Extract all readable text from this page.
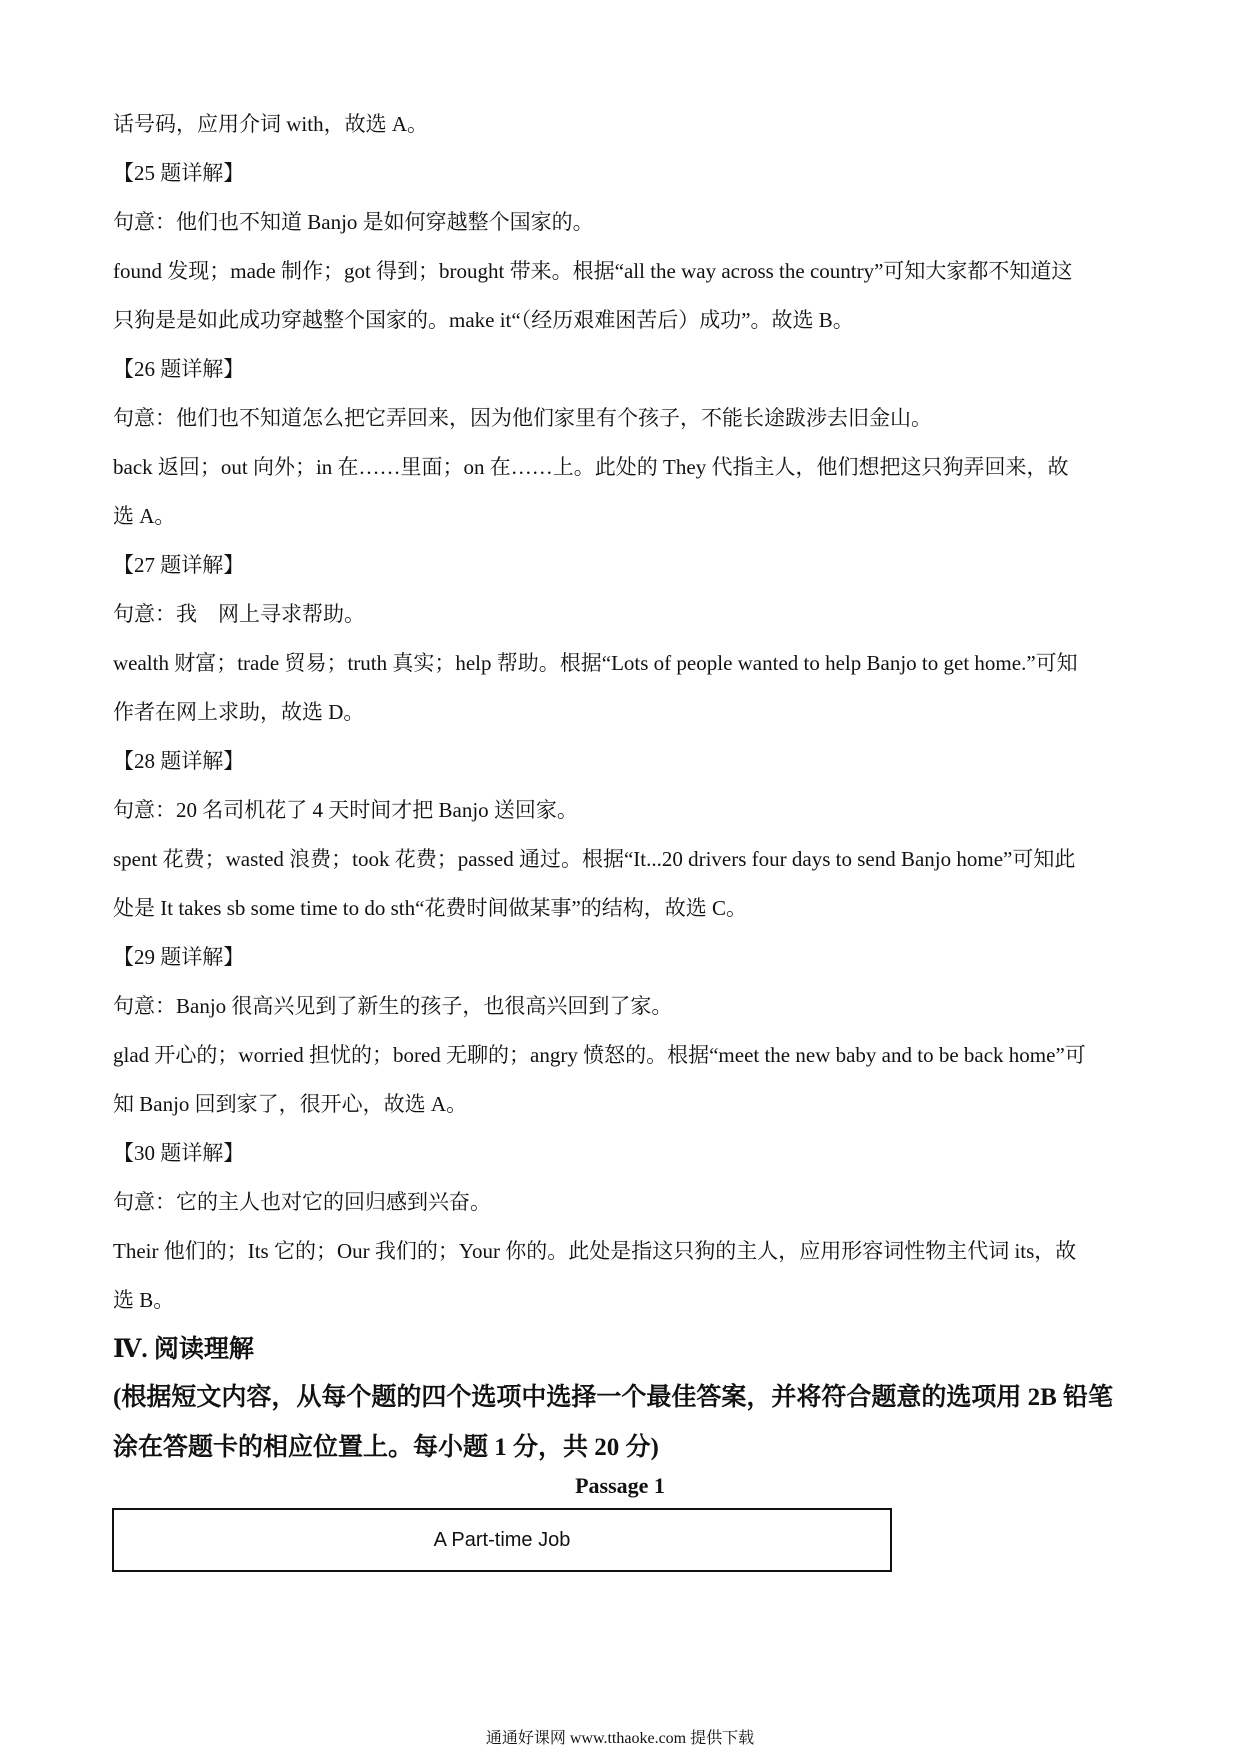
话号码，应用介词 with，故选 A。
【25 题详解】
句意：他们也不知道 Banjo 是如何穿越整个国家的。
found 发现；made 制作；got 得到；brought 带来。根据“all the way across the country”可知大家都不知道这
只狗是是如此成功穿越整个国家的。make it“（经历艰难困苦后）成功”。故选 B。
【26 题详解】
句意：他们也不知道怎么把它弄回来，因为他们家里有个孩子，不能长途跋涉去旧金山。
back 返回；out 向外；in 在……里面；on 在……上。此处的 They 代指主人，他们想把这只狗弄回来，故
选 A。
【27 题详解】
句意：我　网上寻求帮助。
wealth 财富；trade 贸易；truth 真实；help 帮助。根据“Lots of people wanted to help Banjo to get home.”可知
作者在网上求助，故选 D。
【28 题详解】
句意：20 名司机花了 4 天时间才把 Banjo 送回家。
spent 花费；wasted 浪费；took 花费；passed 通过。根据“It...20 drivers four days to send Banjo home”可知此
处是 It takes sb some time to do sth“花费时间做某事”的结构，故选 C。
【29 题详解】
句意：Banjo 很高兴见到了新生的孩子，也很高兴回到了家。
glad 开心的；worried 担忧的；bored 无聊的；angry 愤怒的。根据“meet the new baby and to be back home”可
知 Banjo 回到家了，很开心，故选 A。
【30 题详解】
句意：它的主人也对它的回归感到兴奋。
Their 他们的；Its 它的；Our 我们的；Your 你的。此处是指这只狗的主人，应用形容词性物主代词 its，故
选 B。
Ⅳ. 阅读理解
(根据短文内容，从每个题的四个选项中选择一个最佳答案，并将符合题意的选项用 2B 铅笔
涂在答题卡的相应位置上。每小题 1 分，共 20 分)
Passage 1
A Part-time Job
通通好课网 www.tthaoke.com 提供下载
